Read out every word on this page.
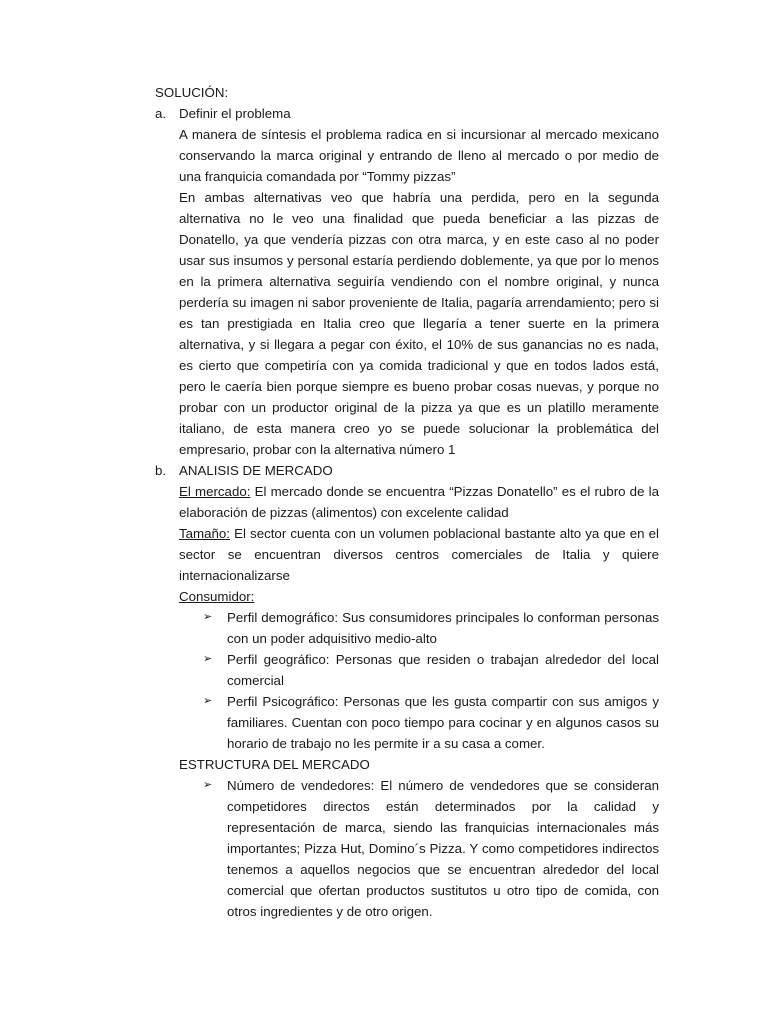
SOLUCIÓN:

a. Definir el problema

A manera de síntesis el problema radica en si incursionar al mercado mexicano conservando la marca original y entrando de lleno al mercado o por medio de una franquicia comandada por “Tommy pizzas”

En ambas alternativas veo que habría una perdida, pero en la segunda alternativa no le veo una finalidad que pueda beneficiar a las pizzas de Donatello, ya que vendería pizzas con otra marca, y en este caso al no poder usar sus insumos y personal estaría perdiendo doblemente, ya que por lo menos en la primera alternativa seguiría vendiendo con el nombre original, y nunca perdería su imagen ni sabor proveniente de Italia, pagaría arrendamiento; pero si es tan prestigiada en Italia creo que llegaría a tener suerte en la primera alternativa, y si llegara a pegar con éxito, el 10% de sus ganancias no es nada, es cierto que competiría con ya comida tradicional y que en todos lados está, pero le caería bien porque siempre es bueno probar cosas nuevas, y porque no probar con un productor original de la pizza ya que es un platillo meramente italiano, de esta manera creo yo se puede solucionar la problemática del empresario, probar con la alternativa número 1

b. ANALISIS DE MERCADO

El mercado: El mercado donde se encuentra “Pizzas Donatello” es el rubro de la elaboración de pizzas (alimentos) con excelente calidad

Tamaño: El sector cuenta con un volumen poblacional bastante alto ya que en el sector se encuentran diversos centros comerciales de Italia y quiere internacionalizarse

Consumidor:

➢	Perfil demográfico: Sus consumidores principales lo conforman personas con un poder adquisitivo medio-alto
➢	Perfil geográfico: Personas que residen o trabajan alrededor del local comercial
➢	Perfil Psicográfico: Personas que les gusta compartir con sus amigos y familiares. Cuentan con poco tiempo para cocinar y en algunos casos su horario de trabajo no les permite ir a su casa a comer.

ESTRUCTURA DEL MERCADO

➢	Número de vendedores: El número de vendedores que se consideran competidores directos están determinados por la calidad y representación de marca, siendo las franquicias internacionales más importantes; Pizza Hut, Domino´s Pizza. Y como competidores indirectos tenemos a aquellos negocios que se encuentran alrededor del local comercial que ofertan productos sustitutos u otro tipo de comida, con otros ingredientes y de otro origen.
